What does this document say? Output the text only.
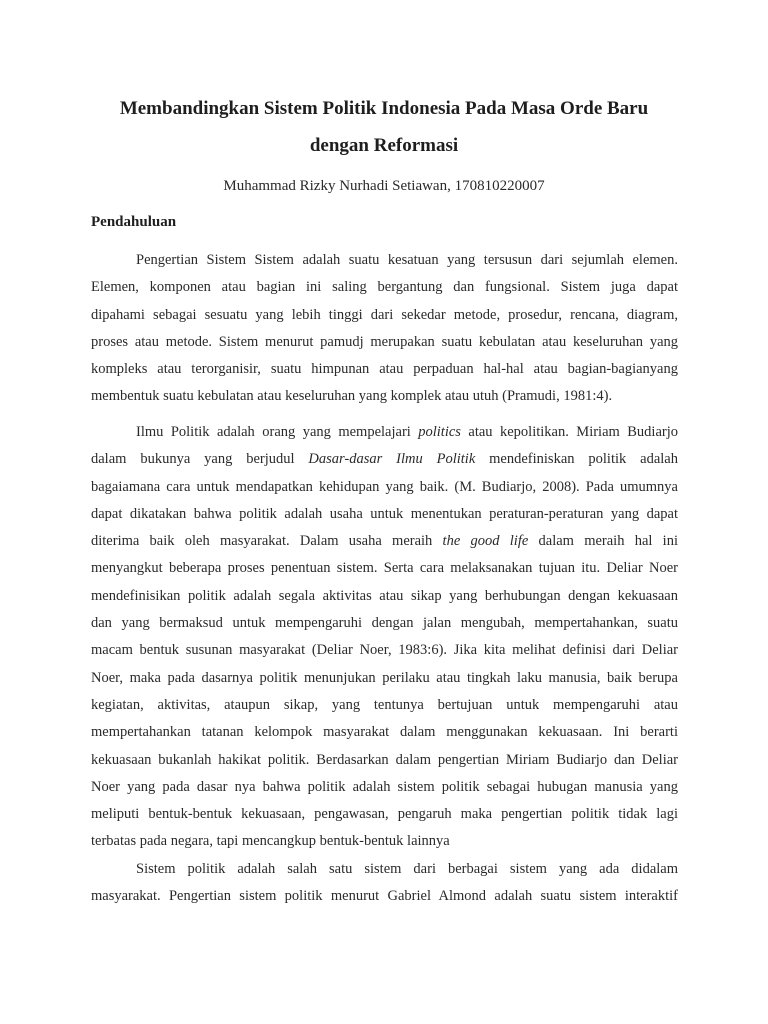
Membandingkan Sistem Politik Indonesia Pada Masa Orde Baru
dengan Reformasi
Muhammad Rizky Nurhadi Setiawan, 170810220007
Pendahuluan
Pengertian Sistem Sistem adalah suatu kesatuan yang tersusun dari sejumlah elemen.
Elemen, komponen atau bagian ini saling bergantung dan fungsional. Sistem juga dapat
dipahami sebagai sesuatu yang lebih tinggi dari sekedar metode, prosedur, rencana, diagram,
proses atau metode. Sistem menurut pamudj merupakan suatu kebulatan atau keseluruhan yang
kompleks atau terorganisir, suatu himpunan atau perpaduan hal-hal atau bagian-bagianyang
membentuk suatu kebulatan atau keseluruhan yang komplek atau utuh (Pramudi, 1981:4).
Ilmu Politik adalah orang yang mempelajari politics atau kepolitikan. Miriam Budiarjo
dalam bukunya yang berjudul Dasar-dasar Ilmu Politik mendefiniskan politik adalah
bagaiamana cara untuk mendapatkan kehidupan yang baik. (M. Budiarjo, 2008). Pada umumnya
dapat dikatakan bahwa politik adalah usaha untuk menentukan peraturan-peraturan yang dapat
diterima baik oleh masyarakat. Dalam usaha meraih the good life dalam meraih hal ini
menyangkut beberapa proses penentuan sistem. Serta cara melaksanakan tujuan itu. Deliar Noer
mendefinisikan politik adalah segala aktivitas atau sikap yang berhubungan dengan kekuasaan
dan yang bermaksud untuk mempengaruhi dengan jalan mengubah, mempertahankan, suatu
macam bentuk susunan masyarakat (Deliar Noer, 1983:6). Jika kita melihat definisi dari Deliar
Noer, maka pada dasarnya politik menunjukan perilaku atau tingkah laku manusia, baik berupa
kegiatan, aktivitas, ataupun sikap, yang tentunya bertujuan untuk mempengaruhi atau
mempertahankan tatanan kelompok masyarakat dalam menggunakan kekuasaan. Ini berarti
kekuasaan bukanlah hakikat politik. Berdasarkan dalam pengertian Miriam Budiarjo dan Deliar
Noer yang pada dasar nya bahwa politik adalah sistem politik sebagai hubugan manusia yang
meliputi bentuk-bentuk kekuasaan, pengawasan, pengaruh maka pengertian politik tidak lagi
terbatas pada negara, tapi mencangkup bentuk-bentuk lainnya
Sistem politik adalah salah satu sistem dari berbagai sistem yang ada didalam
masyarakat. Pengertian sistem politik menurut Gabriel Almond adalah suatu sistem interaktif
